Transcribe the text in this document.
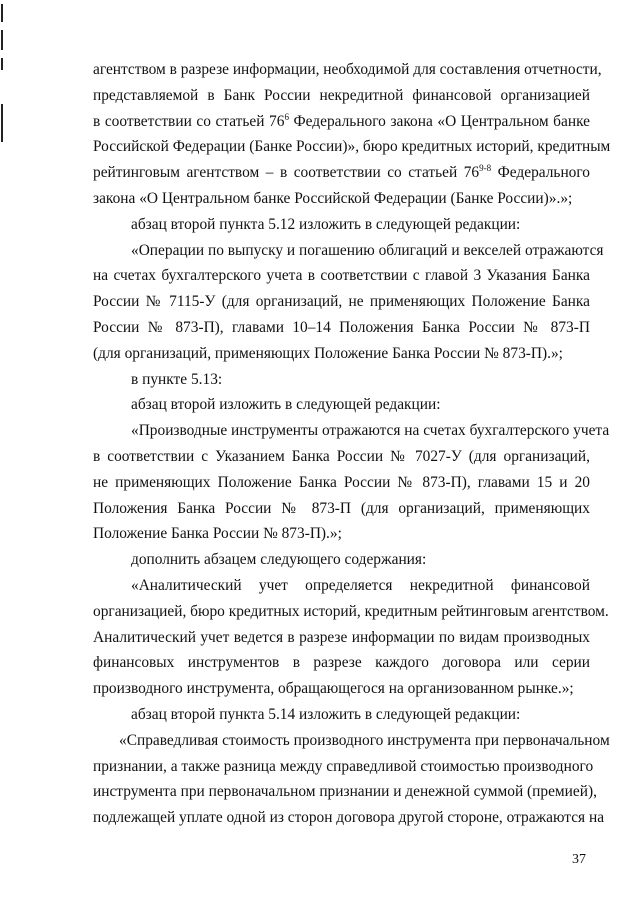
агентством в разрезе информации, необходимой для составления отчетности,
представляемой в Банк России некредитной финансовой организацией
в соответствии со статьей $76^6$ Федерального закона «О Центральном банке
Российской Федерации (Банке России)», бюро кредитных историй, кредитным
рейтинговым агентством – в соответствии со статьей 76$^{9-8}$ Федерального
закона «О Центральном банке Российской Федерации (Банке России)».»;
абзац второй пункта 5.12 изложить в следующей редакции:
«Операции по выпуску и погашению облигаций и векселей отражаются
на счетах бухгалтерского учета в соответствии с главой 3 Указания Банка
России № 7115-У (для организаций, не применяющих Положение Банка
России № 873-П), главами 10–14 Положения Банка России № 873-П
(для организаций, применяющих Положение Банка России № 873-П).»;
в пункте 5.13:
абзац второй изложить в следующей редакции:
«Производные инструменты отражаются на счетах бухгалтерского учета
в соответствии с Указанием Банка России № 7027-У (для организаций,
не применяющих Положение Банка России № 873-П), главами 15 и 20
Положения Банка России № 873-П (для организаций, применяющих
Положение Банка России № 873-П).»;
дополнить абзацем следующего содержания:
«Аналитический учет определяется некредитной финансовой
организацией, бюро кредитных историй, кредитным рейтинговым агентством.
Аналитический учет ведется в разрезе информации по видам производных
финансовых инструментов в разрезе каждого договора или серии
производного инструмента, обращающегося на организованном рынке.»;
абзац второй пункта 5.14 изложить в следующей редакции:
«Справедливая стоимость производного инструмента при первоначальном
признании, а также разница между справедливой стоимостью производного
инструмента при первоначальном признании и денежной суммой (премией),
подлежащей уплате одной из сторон договора другой стороне, отражаются на
37
